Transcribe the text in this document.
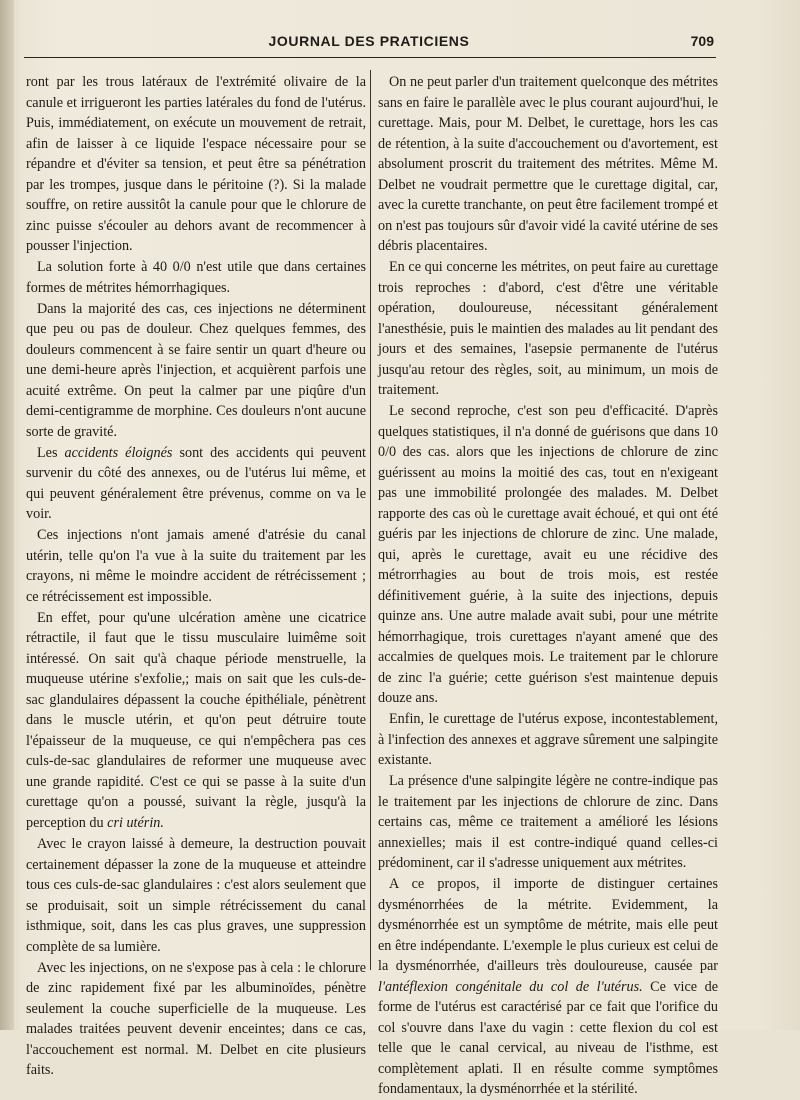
JOURNAL DES PRATICIENS	709

ront par les trous latéraux de l'extrémité olivaire de la canule et irrigueront les parties latérales du fond de l'utérus. Puis, immédiatement, on exécute un mouvement de retrait, afin de laisser à ce liquide l'espace nécessaire pour se répandre et d'éviter sa tension, et peut être sa pénétration par les trompes, jusque dans le péritoine (?). Si la malade souffre, on retire aussitôt la canule pour que le chlorure de zinc puisse s'écouler au dehors avant de recommencer à pousser l'injection.

La solution forte à 40 0/0 n'est utile que dans certaines formes de métrites hémorrhagiques.

Dans la majorité des cas, ces injections ne déterminent que peu ou pas de douleur. Chez quelques femmes, des douleurs commencent à se faire sentir un quart d'heure ou une demi-heure après l'injection, et acquièrent parfois une acuité extrême. On peut la calmer par une piqûre d'un demi-centigramme de morphine. Ces douleurs n'ont aucune sorte de gravité.

Les accidents éloignés sont des accidents qui peuvent survenir du côté des annexes, ou de l'utérus lui même, et qui peuvent généralement être prévenus, comme on va le voir.

Ces injections n'ont jamais amené d'atrésie du canal utérin, telle qu'on l'a vue à la suite du traitement par les crayons, ni même le moindre accident de rétrécissement ; ce rétrécissement est impossible.

En effet, pour qu'une ulcération amène une cicatrice rétractile, il faut que le tissu musculaire luimême soit intéressé. On sait qu'à chaque période menstruelle, la muqueuse utérine s'exfolie,; mais on sait que les culs-de-sac glandulaires dépassent la couche épithéliale, pénètrent dans le muscle utérin, et qu'on peut détruire toute l'épaisseur de la muqueuse, ce qui n'empêchera pas ces culs-de-sac glandulaires de reformer une muqueuse avec une grande rapidité. C'est ce qui se passe à la suite d'un curettage qu'on a poussé, suivant la règle, jusqu'à la perception du cri utérin.

Avec le crayon laissé à demeure, la destruction pouvait certainement dépasser la zone de la muqueuse et atteindre tous ces culs-de-sac glandulaires : c'est alors seulement que se produisait, soit un simple rétrécissement du canal isthmique, soit, dans les cas plus graves, une suppression complète de sa lumière.

Avec les injections, on ne s'expose pas à cela : le chlorure de zinc rapidement fixé par les albuminoïdes, pénètre seulement la couche superficielle de la muqueuse. Les malades traitées peuvent devenir enceintes; dans ce cas, l'accouchement est normal. M. Delbet en cite plusieurs faits.

On ne peut parler d'un traitement quelconque des métrites sans en faire le parallèle avec le plus courant aujourd'hui, le curettage. Mais, pour M. Delbet, le curettage, hors les cas de rétention, à la suite d'accouchement ou d'avortement, est absolument proscrit du traitement des métrites. Même M. Delbet ne voudrait permettre que le curettage digital, car, avec la curette tranchante, on peut être facilement trompé et on n'est pas toujours sûr d'avoir vidé la cavité utérine de ses débris placentaires.

En ce qui concerne les métrites, on peut faire au curettage trois reproches : d'abord, c'est d'être une véritable opération, douloureuse, nécessitant généralement l'anesthésie, puis le maintien des malades au lit pendant des jours et des semaines, l'asepsie permanente de l'utérus jusqu'au retour des règles, soit, au minimum, un mois de traitement.

Le second reproche, c'est son peu d'efficacité. D'après quelques statistiques, il n'a donné de guérisons que dans 10 0/0 des cas. alors que les injections de chlorure de zinc guérissent au moins la moitié des cas, tout en n'exigeant pas une immobilité prolongée des malades. M. Delbet rapporte des cas où le curettage avait échoué, et qui ont été guéris par les injections de chlorure de zinc. Une malade, qui, après le curettage, avait eu une récidive des métrorrhagies au bout de trois mois, est restée définitivement guérie, à la suite des injections, depuis quinze ans. Une autre malade avait subi, pour une métrite hémorrhagique, trois curettages n'ayant amené que des accalmies de quelques mois. Le traitement par le chlorure de zinc l'a guérie; cette guérison s'est maintenue depuis douze ans.

Enfin, le curettage de l'utérus expose, incontestablement, à l'infection des annexes et aggrave sûrement une salpingite existante.

La présence d'une salpingite légère ne contre-indique pas le traitement par les injections de chlorure de zinc. Dans certains cas, même ce traitement a amélioré les lésions annexielles; mais il est contre-indiqué quand celles-ci prédominent, car il s'adresse uniquement aux métrites.

A ce propos, il importe de distinguer certaines dysménorrhées de la métrite. Evidemment, la dysménorrhée est un symptôme de métrite, mais elle peut en être indépendante. L'exemple le plus curieux est celui de la dysménorrhée, d'ailleurs très douloureuse, causée par l'antéflexion congénitale du col de l'utérus. Ce vice de forme de l'utérus est caractérisé par ce fait que l'orifice du col s'ouvre dans l'axe du vagin : cette flexion du col est telle que le canal cervical, au niveau de l'isthme, est complètement aplati. Il en résulte comme symptômes fondamentaux, la dysménorrhée et la stérilité.
